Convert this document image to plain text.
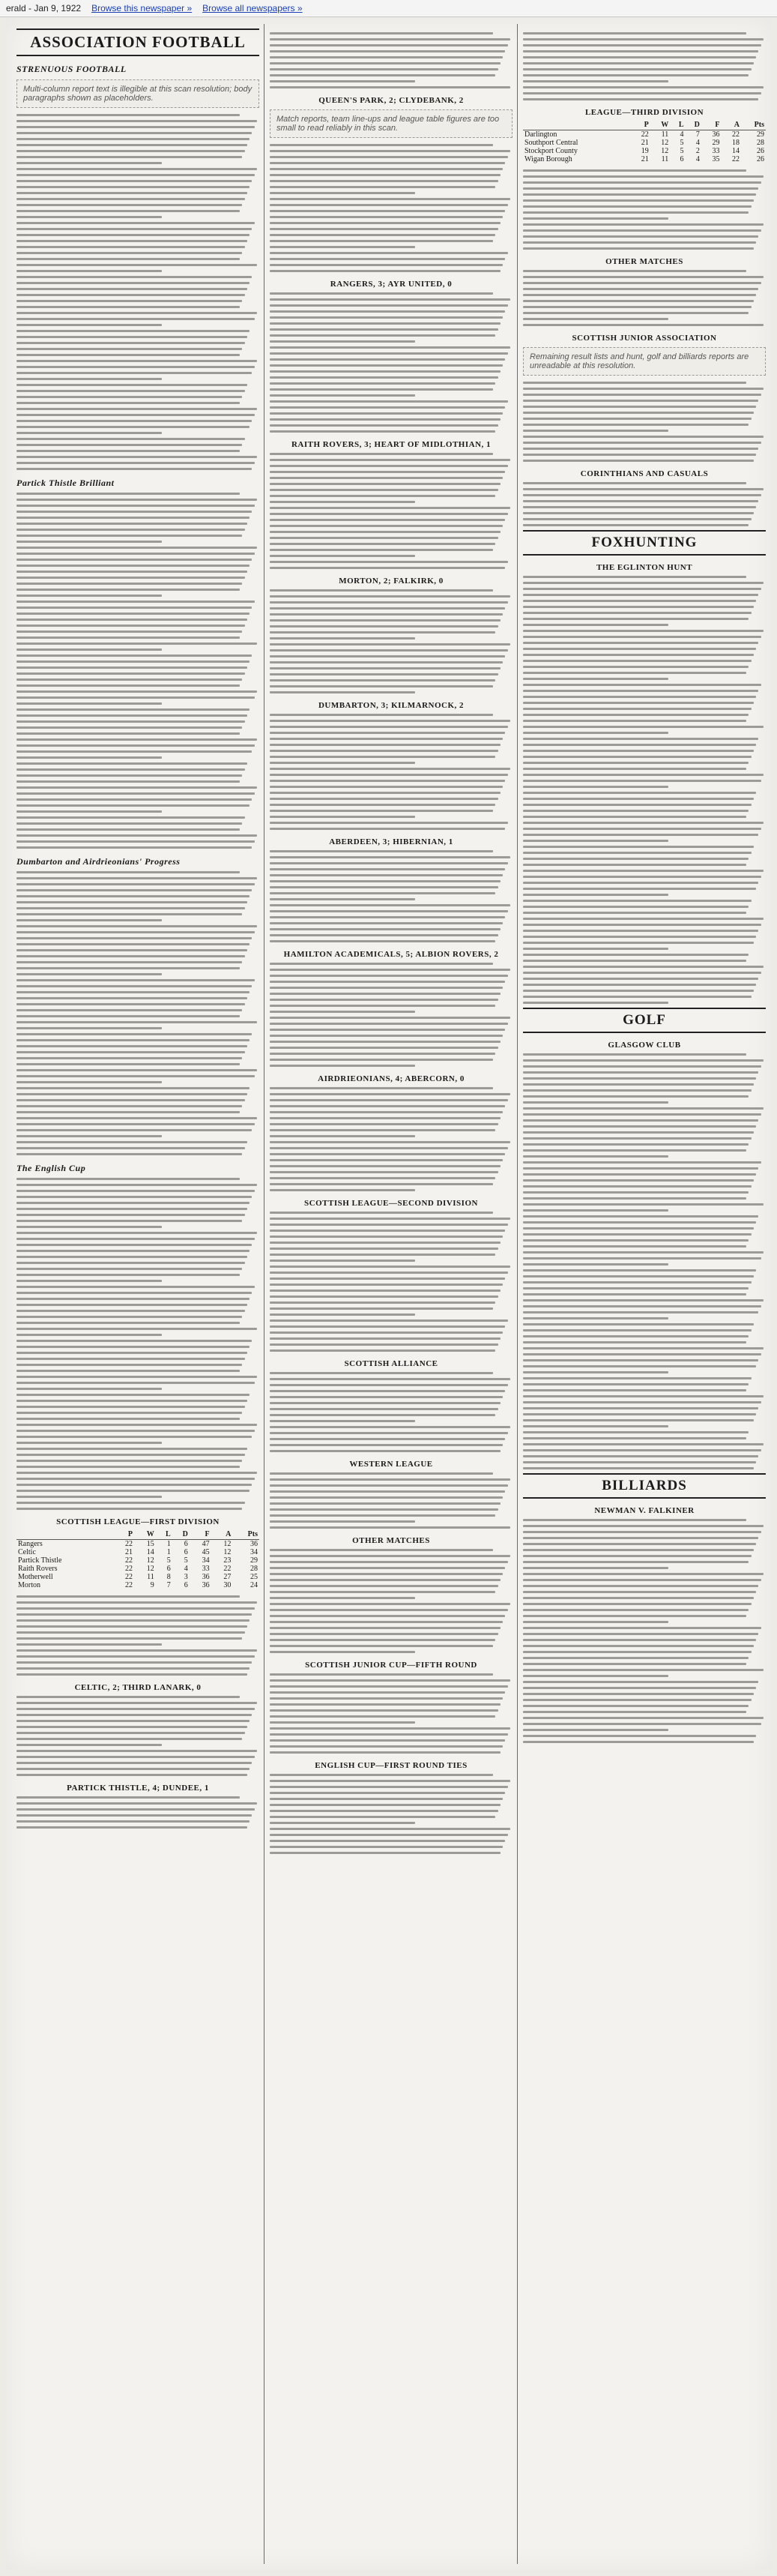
erald - Jan 9, 1922 Browse this newspaper » Browse all newspapers »
ASSOCIATION FOOTBALL
STRENUOUS FOOTBALL
Multi-column report text is illegible at this scan resolution; body paragraphs shown as placeholders.
Partick Thistle Brilliant
Dumbarton and Airdrieonians' Progress
The English Cup
SCOTTISH LEAGUE—FIRST DIVISION
	P	W	L	D	F	A	Pts
Rangers	22	15	1	6	47	12	36
Celtic	21	14	1	6	45	12	34
Partick Thistle	22	12	5	5	34	23	29
Raith Rovers	22	12	6	4	33	22	28
Motherwell	22	11	8	3	36	27	25
Morton	22	9	7	6	36	30	24
CELTIC, 2; THIRD LANARK, 0
PARTICK THISTLE, 4; DUNDEE, 1
QUEEN'S PARK, 2; CLYDEBANK, 2
Match reports, team line-ups and league table figures are too small to read reliably in this scan.
RANGERS, 3; AYR UNITED, 0
RAITH ROVERS, 3; HEART OF MIDLOTHIAN, 1
MORTON, 2; FALKIRK, 0
DUMBARTON, 3; KILMARNOCK, 2
ABERDEEN, 3; HIBERNIAN, 1
HAMILTON ACADEMICALS, 5; ALBION ROVERS, 2
AIRDRIEONIANS, 4; ABERCORN, 0
SCOTTISH LEAGUE—SECOND DIVISION
SCOTTISH ALLIANCE
WESTERN LEAGUE
OTHER MATCHES
SCOTTISH JUNIOR CUP—FIFTH ROUND
ENGLISH CUP—FIRST ROUND TIES
LEAGUE—THIRD DIVISION
	P	W	L	D	F	A	Pts
Darlington	22	11	4	7	36	22	29
Southport Central	21	12	5	4	29	18	28
Stockport County	19	12	5	2	33	14	26
Wigan Borough	21	11	6	4	35	22	26
OTHER MATCHES
SCOTTISH JUNIOR ASSOCIATION
Remaining result lists and hunt, golf and billiards reports are unreadable at this resolution.
CORINTHIANS AND CASUALS
FOXHUNTING
THE EGLINTON HUNT
GOLF
GLASGOW CLUB
BILLIARDS
NEWMAN V. FALKINER
